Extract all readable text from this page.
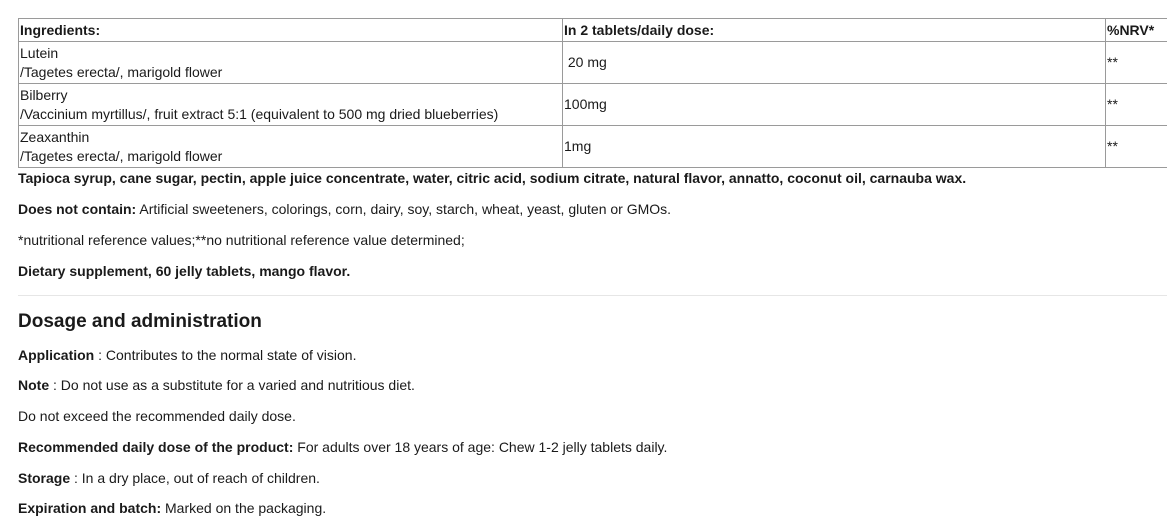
Ingredients:	In 2 tablets/daily dose:	%NRV*

Lutein
/Tagetes erecta/, marigold flower	20 mg	**

Bilberry
/Vaccinium myrtillus/, fruit extract 5:1 (equivalent to 500 mg dried blueberries)	100mg	**

Zeaxanthin
/Tagetes erecta/, marigold flower	1mg	**

Tapioca syrup, cane sugar, pectin, apple juice concentrate, water, citric acid, sodium citrate, natural flavor, annatto, coconut oil, carnauba wax.

Does not contain: Artificial sweeteners, colorings, corn, dairy, soy, starch, wheat, yeast, gluten or GMOs.

*nutritional reference values;**no nutritional reference value determined;

Dietary supplement, 60 jelly tablets, mango flavor.

Dosage and administration

Application : Contributes to the normal state of vision.

Note : Do not use as a substitute for a varied and nutritious diet.

Do not exceed the recommended daily dose.

Recommended daily dose of the product: For adults over 18 years of age: Chew 1-2 jelly tablets daily.

Storage : In a dry place, out of reach of children.

Expiration and batch: Marked on the packaging.
